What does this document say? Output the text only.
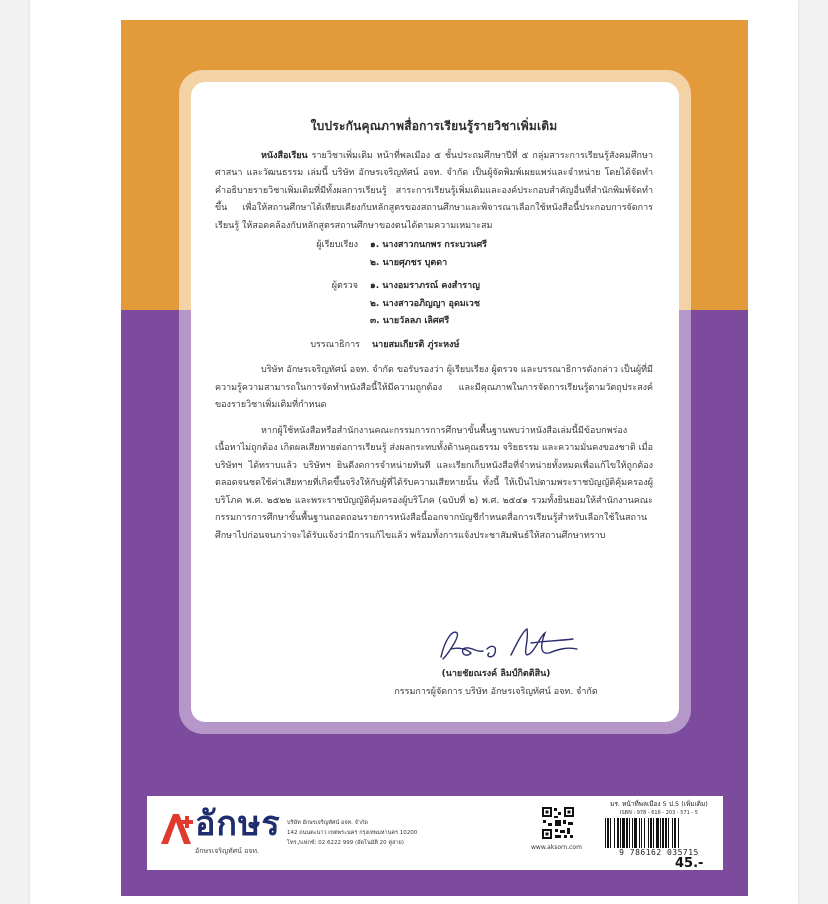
ใบประกันคุณภาพสื่อการเรียนรู้รายวิชาเพิ่มเติม

หนังสือเรียน รายวิชาเพิ่มเติม หน้าที่พลเมือง ๕ ชั้นประถมศึกษาปีที่ ๕ กลุ่มสาระการเรียนรู้สังคมศึกษา ศาสนา และวัฒนธรรม เล่มนี้ บริษัท อักษรเจริญทัศน์ อจท. จำกัด เป็นผู้จัดพิมพ์เผยแพร่และจำหน่าย โดยได้จัดทำคำอธิบายรายวิชาเพิ่มเติมที่มีทั้งผลการเรียนรู้ สาระการเรียนรู้เพิ่มเติมและองค์ประกอบสำคัญอื่นที่สำนักพิมพ์จัดทำขึ้น เพื่อให้สถานศึกษาได้เทียบเคียงกับหลักสูตรของสถานศึกษาและพิจารณาเลือกใช้หนังสือนี้ประกอบการจัดการเรียนรู้ ให้สอดคล้องกับหลักสูตรสถานศึกษาของตนได้ตามความเหมาะสม

ผู้เรียบเรียง	๑. นางสาวกนกพร กระบวนศรี
๒. นายศุภชร บุตดา
ผู้ตรวจ	๑. นางอมราภรณ์ คงสำราญ
๒. นางสาวอภิญญา อุดมเวช
๓. นายวัลลภ เลิศศรี
บรรณาธิการ	นายสมเกียรติ ภู่ระหงษ์

บริษัท อักษรเจริญทัศน์ อจท. จำกัด ขอรับรองว่า ผู้เรียบเรียง ผู้ตรวจ และบรรณาธิการดังกล่าว เป็นผู้ที่มีความรู้ความสามารถในการจัดทำหนังสือนี้ให้มีความถูกต้อง และมีคุณภาพในการจัดการเรียนรู้ตามวัตถุประสงค์ของรายวิชาเพิ่มเติมที่กำหนด

หากผู้ใช้หนังสือหรือสำนักงานคณะกรรมการการศึกษาขั้นพื้นฐานพบว่าหนังสือเล่มนี้มีข้อบกพร่อง เนื้อหาไม่ถูกต้อง เกิดผลเสียหายต่อการเรียนรู้ ส่งผลกระทบทั้งด้านคุณธรรม จริยธรรม และความมั่นคงของชาติ เมื่อบริษัทฯ ได้ทราบแล้ว บริษัทฯ ยินดีงดการจำหน่ายทันที และเรียกเก็บหนังสือที่จำหน่ายทั้งหมดเพื่อแก้ไขให้ถูกต้อง ตลอดจนชดใช้ค่าเสียหายที่เกิดขึ้นจริงให้กับผู้ที่ได้รับความเสียหายนั้น ทั้งนี้ ให้เป็นไปตามพระราชบัญญัติคุ้มครองผู้บริโภค พ.ศ. ๒๕๒๒ และพระราชบัญญัติคุ้มครองผู้บริโภค (ฉบับที่ ๒) พ.ศ. ๒๕๔๑ รวมทั้งยินยอมให้สำนักงานคณะกรรมการการศึกษาขั้นพื้นฐานถอดถอนรายการหนังสือนี้ออกจากบัญชีกำหนดสื่อการเรียนรู้สำหรับเลือกใช้ในสถานศึกษาไปก่อนจนกว่าจะได้รับแจ้งว่ามีการแก้ไขแล้ว พร้อมทั้งการแจ้งประชาสัมพันธ์ให้สถานศึกษาทราบ

(นายชัยณรงค์ ลิมป์กิตติสิน)
กรรมการผู้จัดการ บริษัท อักษรเจริญทัศน์ อจท. จำกัด
อักษร
อักษรเจริญทัศน์ อจท.
บริษัท อักษรเจริญทัศน์ อจท. จำกัด
142 ถนนตะนาว เขตพระนคร กรุงเทพมหานคร 10200
โทร./แฟกซ์: 02 6222 999 (อัตโนมัติ 20 คู่สาย)
www.aksorn.com
มร. หน้าที่พลเมือง 5 ป.5 (เพิ่มเติม)
ISBN : 978 - 616 - 203 - 571 - 5
9 786162 035715
45.-
